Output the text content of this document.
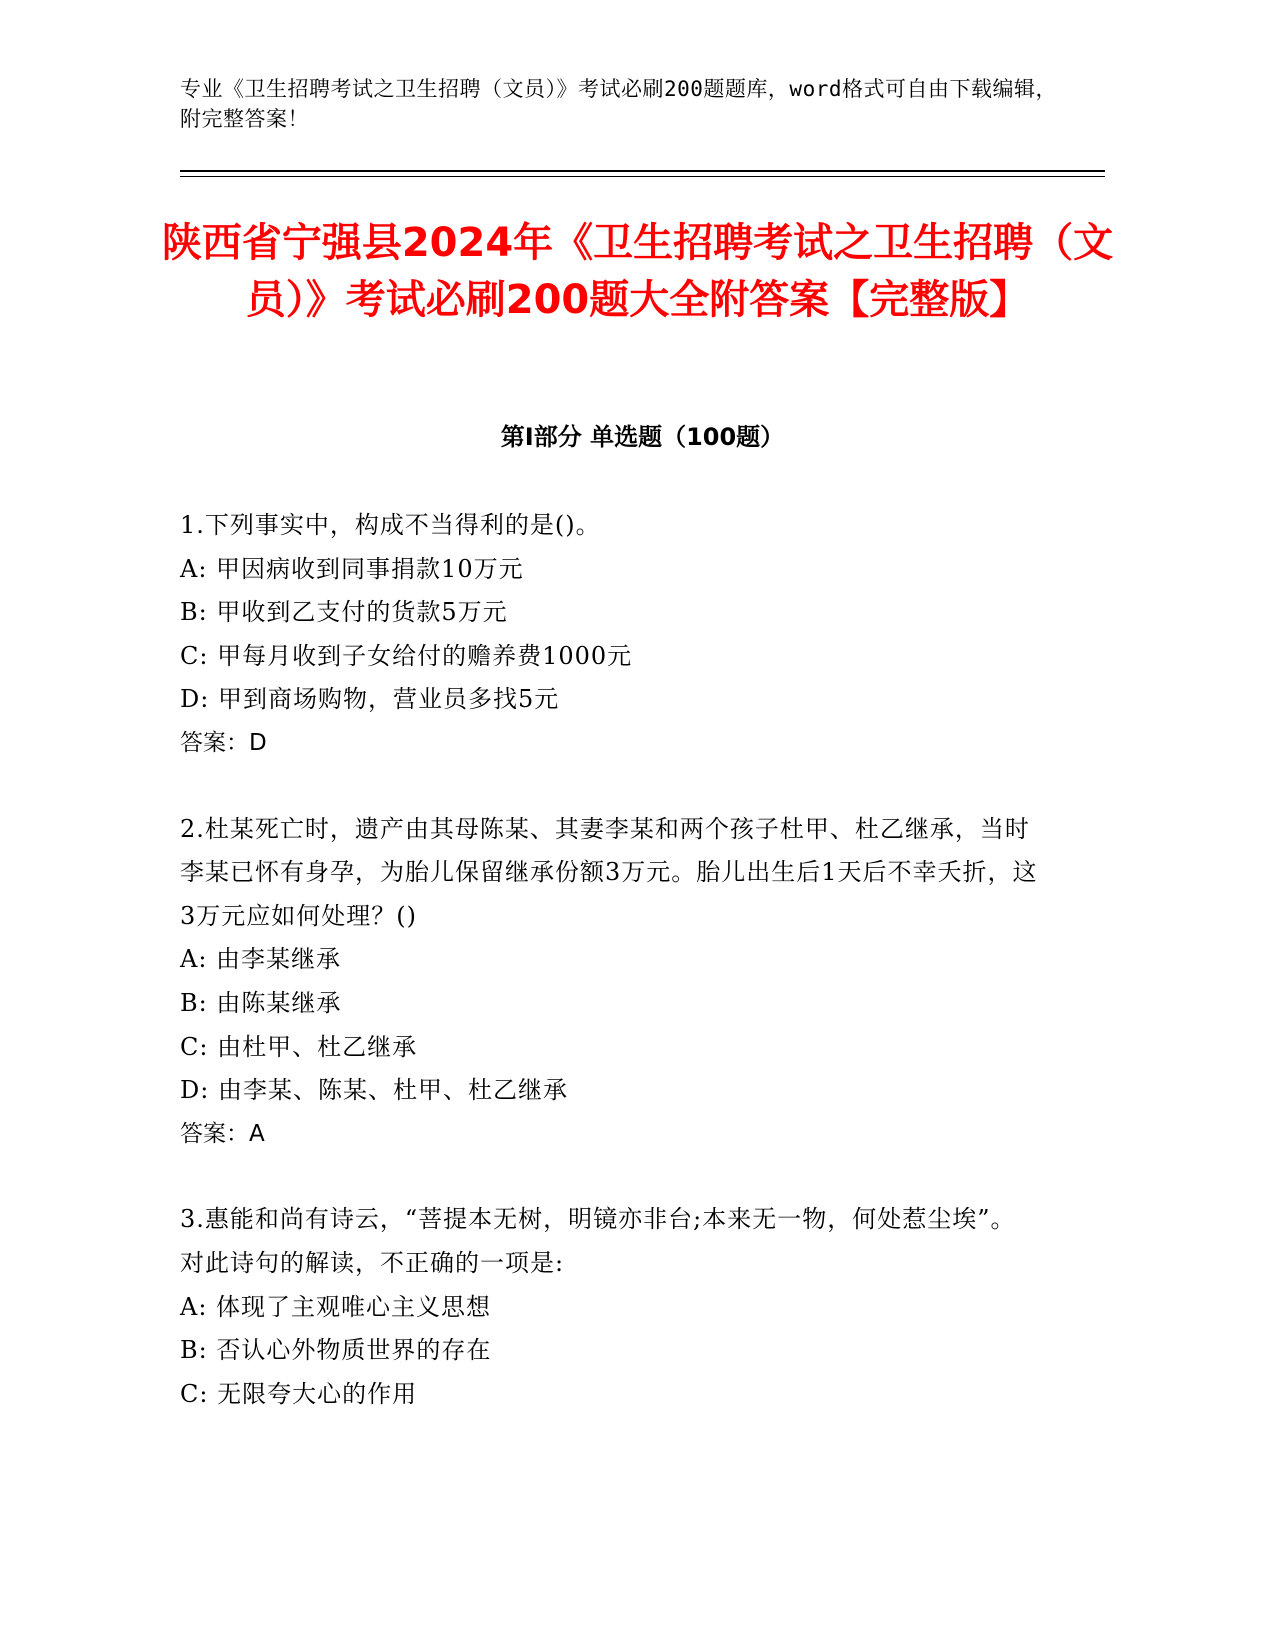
专业《卫生招聘考试之卫生招聘（文员）》考试必刷200题题库，word格式可自由下载编辑，附完整答案！
陕西省宁强县2024年《卫生招聘考试之卫生招聘（文员）》考试必刷200题大全附答案【完整版】
第I部分 单选题（100题）

1.下列事实中，构成不当得利的是()。

A: 甲因病收到同事捐款10万元

B: 甲收到乙支付的货款5万元

C: 甲每月收到子女给付的赡养费1000元

D: 甲到商场购物，营业员多找5元

答案：D

2.杜某死亡时，遗产由其母陈某、其妻李某和两个孩子杜甲、杜乙继承，当时李某已怀有身孕，为胎儿保留继承份额3万元。胎儿出生后1天后不幸夭折，这3万元应如何处理？()

A: 由李某继承

B: 由陈某继承

C: 由杜甲、杜乙继承

D: 由李某、陈某、杜甲、杜乙继承

答案：A

3.惠能和尚有诗云，“菩提本无树，明镜亦非台;本来无一物，何处惹尘埃”。对此诗句的解读，不正确的一项是:

A: 体现了主观唯心主义思想

B: 否认心外物质世界的存在

C: 无限夸大心的作用
